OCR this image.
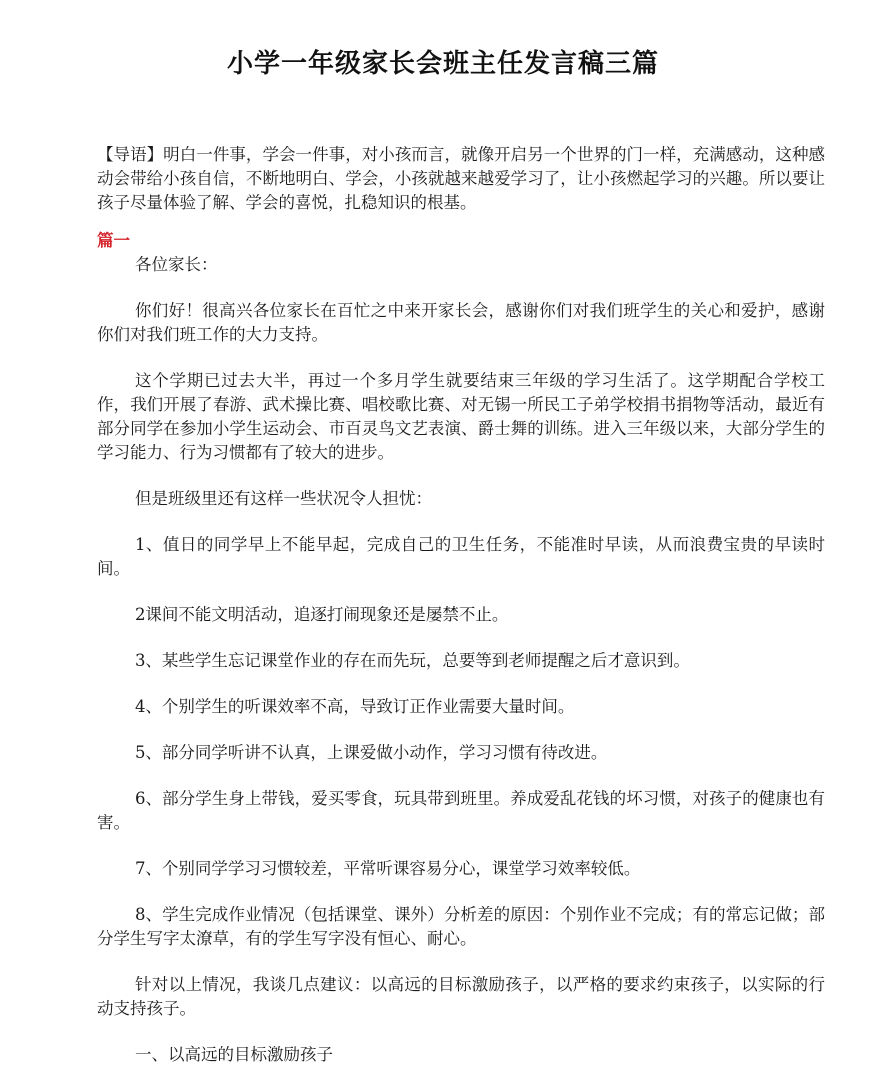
小学一年级家长会班主任发言稿三篇

【导语】明白一件事，学会一件事，对小孩而言，就像开启另一个世界的门一样，充满感动，这种感动会带给小孩自信，不断地明白、学会，小孩就越来越爱学习了，让小孩燃起学习的兴趣。所以要让孩子尽量体验了解、学会的喜悦，扎稳知识的根基。

篇一

各位家长：

你们好！很高兴各位家长在百忙之中来开家长会，感谢你们对我们班学生的关心和爱护，感谢你们对我们班工作的大力支持。

这个学期已过去大半，再过一个多月学生就要结束三年级的学习生活了。这学期配合学校工作，我们开展了春游、武术操比赛、唱校歌比赛、对无锡一所民工子弟学校捐书捐物等活动，最近有部分同学在参加小学生运动会、市百灵鸟文艺表演、爵士舞的训练。进入三年级以来，大部分学生的学习能力、行为习惯都有了较大的进步。

但是班级里还有这样一些状况令人担忧：

1、值日的同学早上不能早起，完成自己的卫生任务，不能准时早读，从而浪费宝贵的早读时间。

2课间不能文明活动，追逐打闹现象还是屡禁不止。

3、某些学生忘记课堂作业的存在而先玩，总要等到老师提醒之后才意识到。

4、个别学生的听课效率不高，导致订正作业需要大量时间。

5、部分同学听讲不认真，上课爱做小动作，学习习惯有待改进。

6、部分学生身上带钱，爱买零食，玩具带到班里。养成爱乱花钱的坏习惯，对孩子的健康也有害。

7、个别同学学习习惯较差，平常听课容易分心，课堂学习效率较低。

8、学生完成作业情况（包括课堂、课外）分析差的原因：个别作业不完成；有的常忘记做；部分学生写字太潦草，有的学生写字没有恒心、耐心。

针对以上情况，我谈几点建议：以高远的目标激励孩子，以严格的要求约束孩子，以实际的行动支持孩子。

一、以高远的目标激励孩子
